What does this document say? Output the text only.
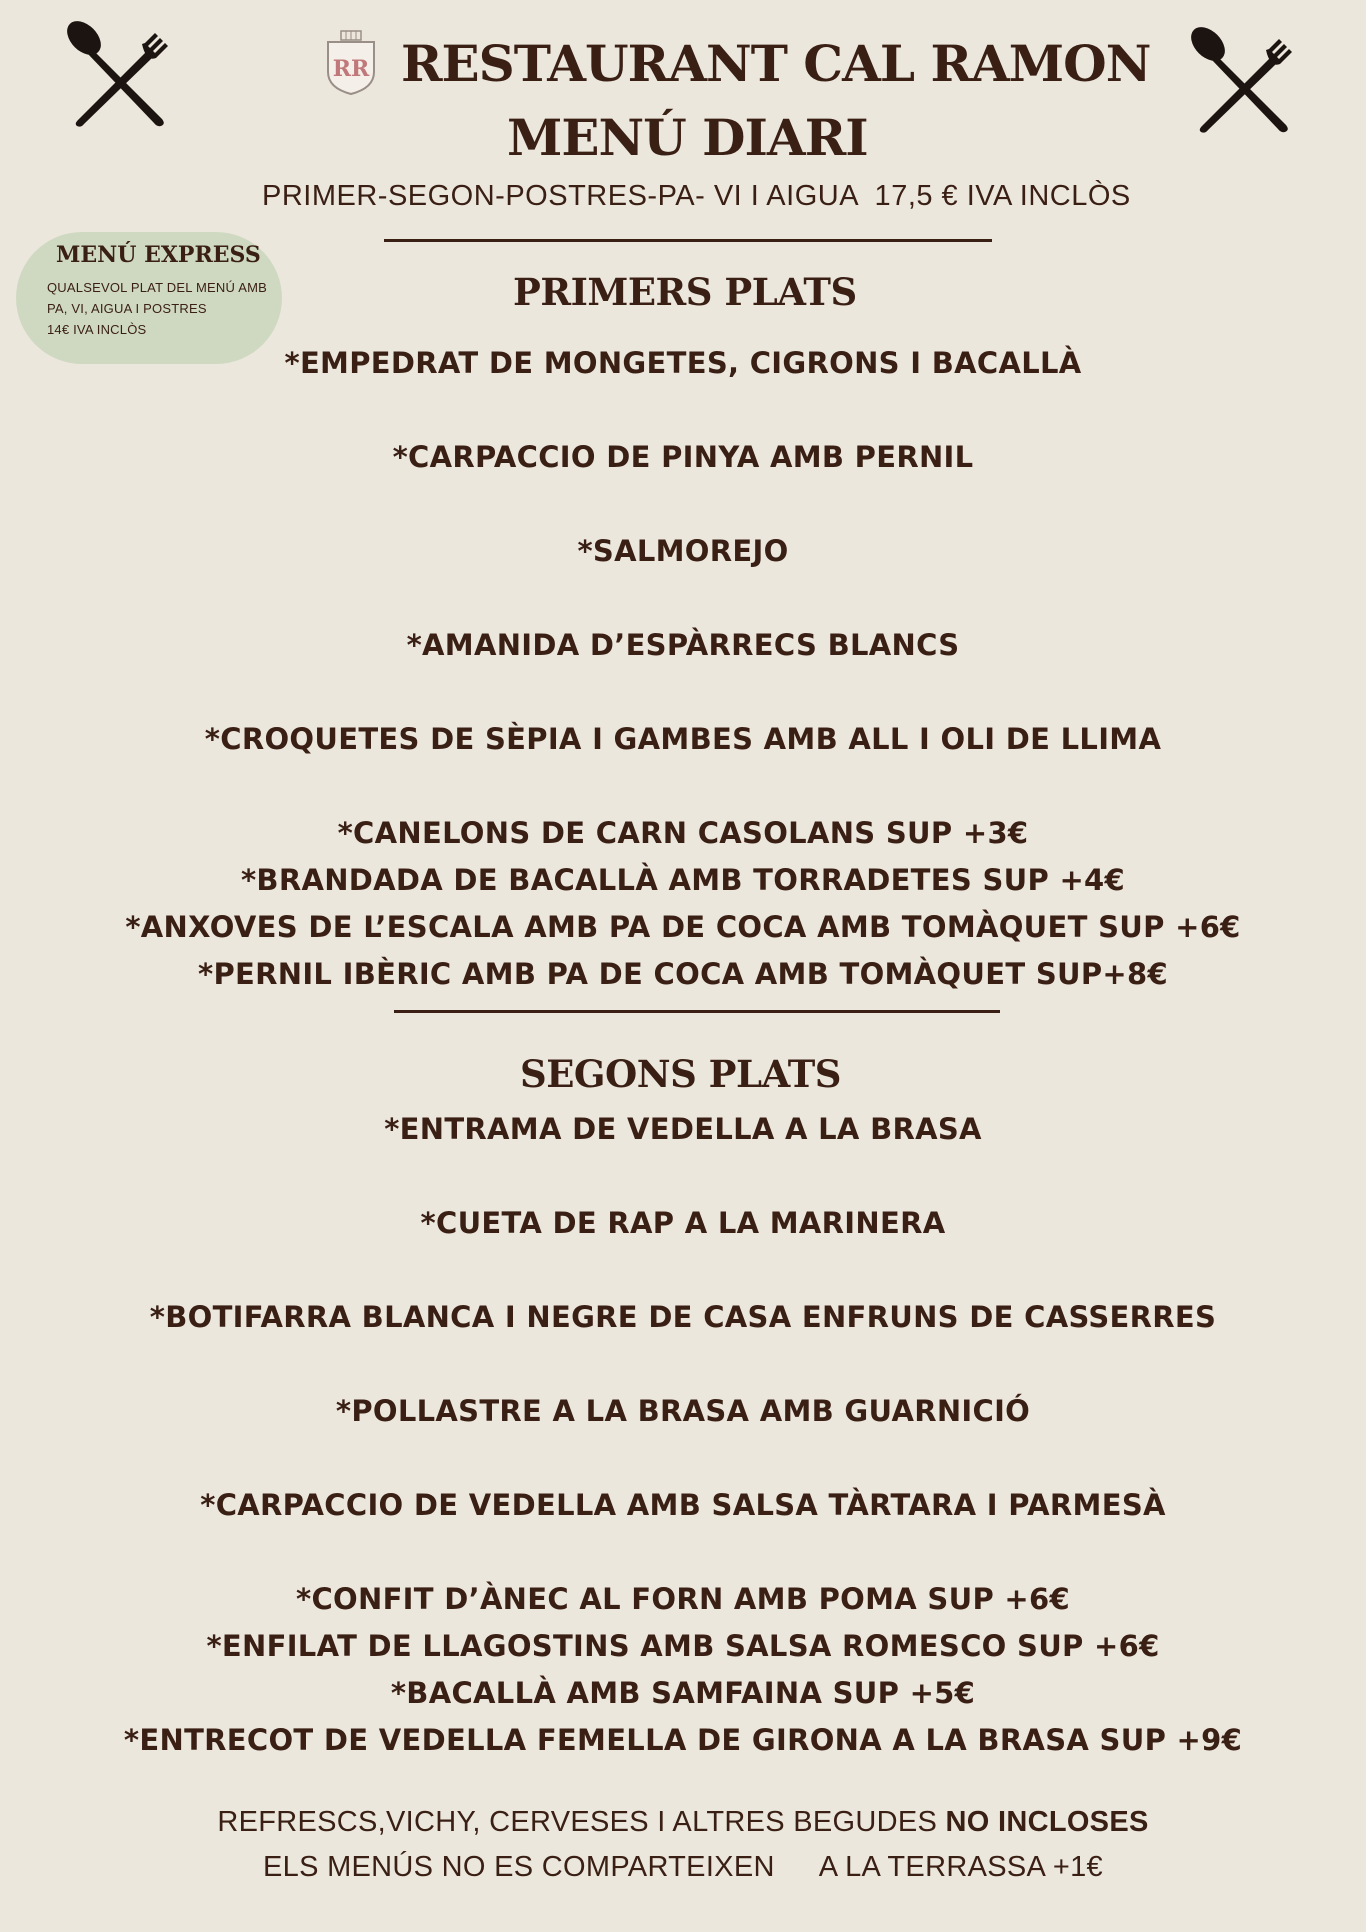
RR RESTAURANT CAL RAMON
MENÚ DIARI
PRIMER-SEGON-POSTRES-PA- VI I AIGUA  17,5 € IVA INCLÒS
MENÚ EXPRESS
QUALSEVOL PLAT DEL MENÚ AMB
PA, VI, AIGUA I POSTRES
14€ IVA INCLÒS
PRIMERS PLATS
*EMPEDRAT DE MONGETES, CIGRONS I BACALLÀ
*CARPACCIO DE PINYA AMB PERNIL
*SALMOREJO
*AMANIDA D’ESPÀRRECS BLANCS
*CROQUETES DE SÈPIA I GAMBES AMB ALL I OLI DE LLIMA
*CANELONS DE CARN CASOLANS SUP +3€
*BRANDADA DE BACALLÀ AMB TORRADETES SUP +4€
*ANXOVES DE L’ESCALA AMB PA DE COCA AMB TOMÀQUET SUP +6€
*PERNIL IBÈRIC AMB PA DE COCA AMB TOMÀQUET SUP+8€
SEGONS PLATS
*ENTRAMA DE VEDELLA A LA BRASA
*CUETA DE RAP A LA MARINERA
*BOTIFARRA BLANCA I NEGRE DE CASA ENFRUNS DE CASSERRES
*POLLASTRE A LA BRASA AMB GUARNICIÓ
*CARPACCIO DE VEDELLA AMB SALSA TÀRTARA I PARMESÀ
*CONFIT D’ÀNEC AL FORN AMB POMA SUP +6€
*ENFILAT DE LLAGOSTINS AMB SALSA ROMESCO SUP +6€
*BACALLÀ AMB SAMFAINA SUP +5€
*ENTRECOT DE VEDELLA FEMELLA DE GIRONA A LA BRASA SUP +9€
REFRESCS,VICHY, CERVESES I ALTRES BEGUDES NO INCLOSES
ELS MENÚS NO ES COMPARTEIXEN A LA TERRASSA +1€
